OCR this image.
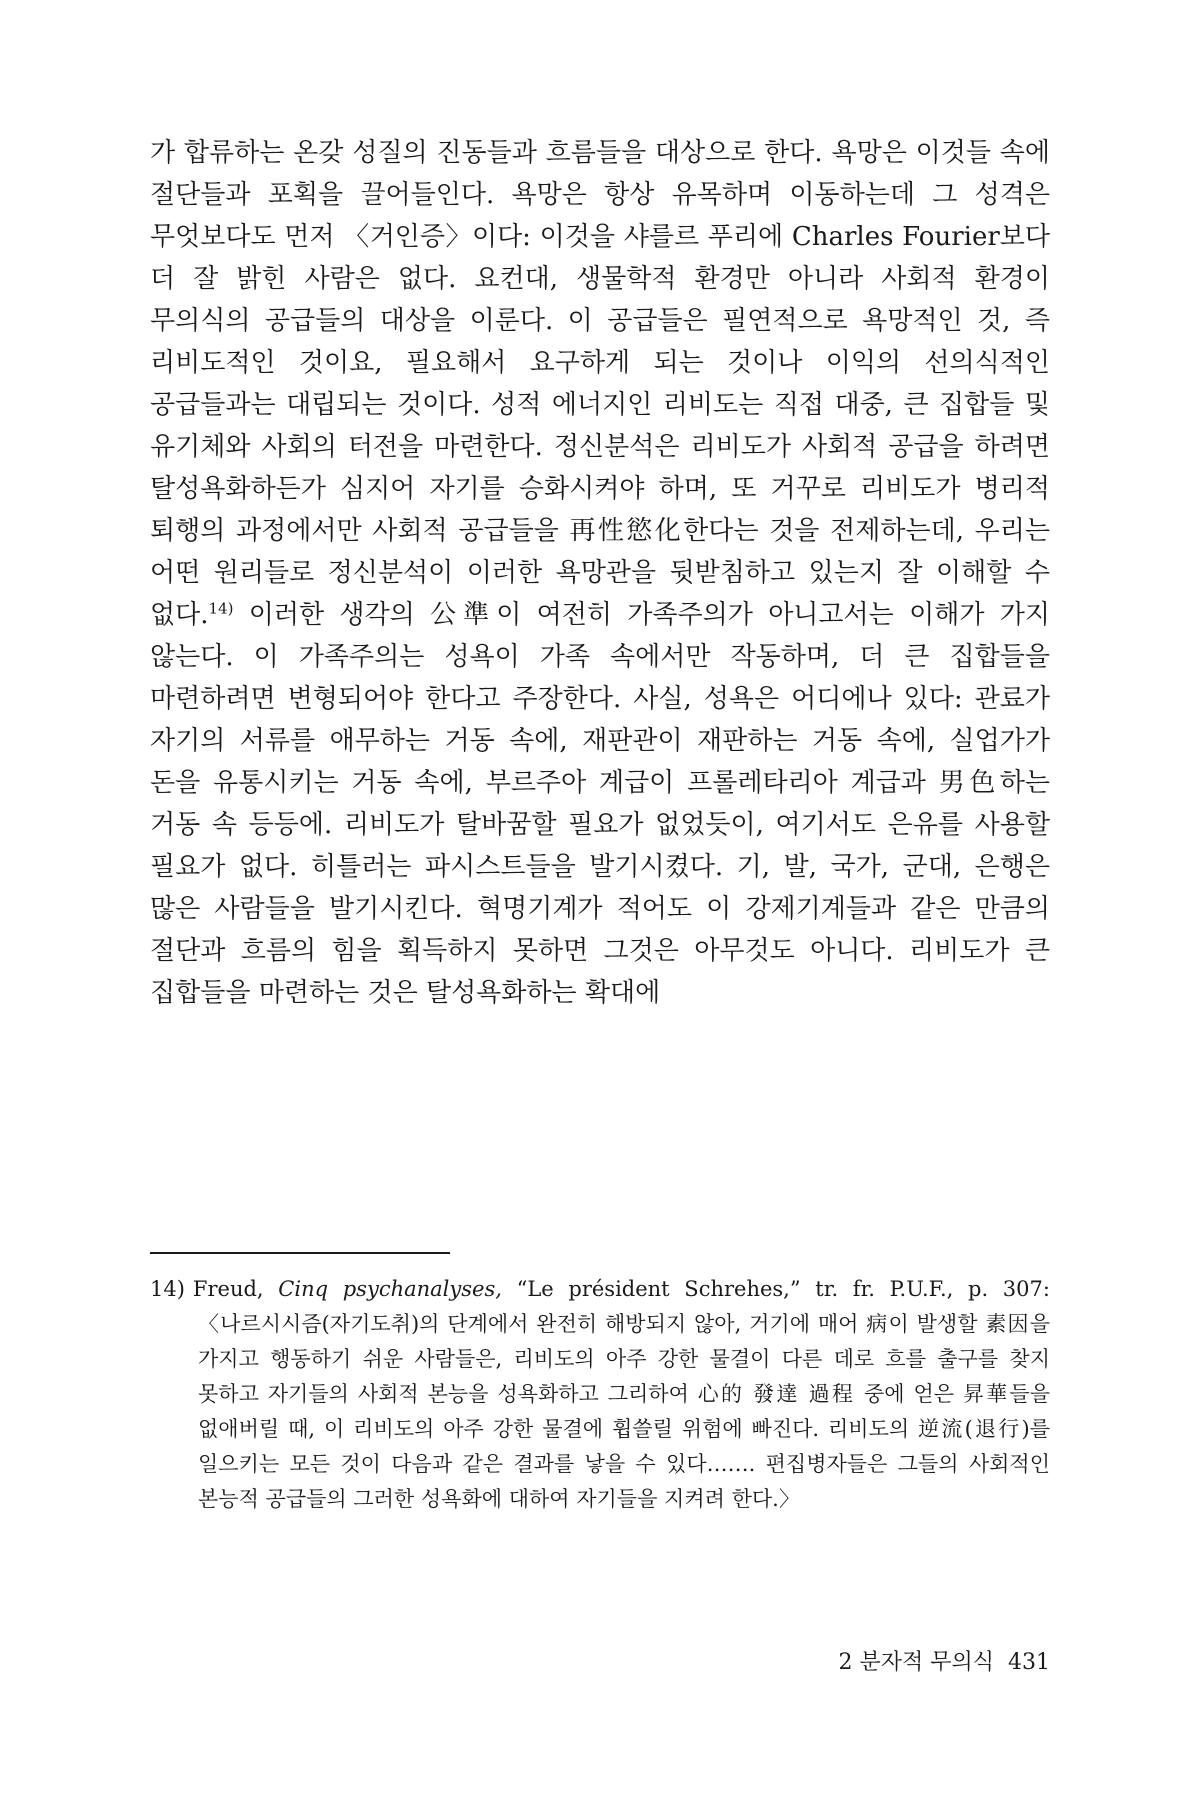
가 합류하는 온갖 성질의 진동들과 흐름들을 대상으로 한다. 욕망은 이것들 속에 절단들과 포획을 끌어들인다. 욕망은 항상 유목하며 이동하는데 그 성격은 무엇보다도 먼저 〈거인증〉이다: 이것을 샤를르 푸리에 Charles Fourier보다 더 잘 밝힌 사람은 없다. 요컨대, 생물학적 환경만 아니라 사회적 환경이 무의식의 공급들의 대상을 이룬다. 이 공급들은 필연적으로 욕망적인 것, 즉 리비도적인 것이요, 필요해서 요구하게 되는 것이나 이익의 선의식적인 공급들과는 대립되는 것이다. 성적 에너지인 리비도는 직접 대중, 큰 집합들 및 유기체와 사회의 터전을 마련한다. 정신분석은 리비도가 사회적 공급을 하려면 탈성욕화하든가 심지어 자기를 승화시켜야 하며, 또 거꾸로 리비도가 병리적 퇴행의 과정에서만 사회적 공급들을 再性慾化한다는 것을 전제하는데, 우리는 어떤 원리들로 정신분석이 이러한 욕망관을 뒷받침하고 있는지 잘 이해할 수 없다.$^{14)}$ 이러한 생각의 公準이 여전히 가족주의가 아니고서는 이해가 가지 않는다. 이 가족주의는 성욕이 가족 속에서만 작동하며, 더 큰 집합들을 마련하려면 변형되어야 한다고 주장한다. 사실, 성욕은 어디에나 있다: 관료가 자기의 서류를 애무하는 거동 속에, 재판관이 재판하는 거동 속에, 실업가가 돈을 유통시키는 거동 속에, 부르주아 계급이 프롤레타리아 계급과 男色하는 거동 속 등등에. 리비도가 탈바꿈할 필요가 없었듯이, 여기서도 은유를 사용할 필요가 없다. 히틀러는 파시스트들을 발기시켰다. 기, 발, 국가, 군대, 은행은 많은 사람들을 발기시킨다. 혁명기계가 적어도 이 강제기계들과 같은 만큼의 절단과 흐름의 힘을 획득하지 못하면 그것은 아무것도 아니다. 리비도가 큰 집합들을 마련하는 것은 탈성욕화하는 확대에

14) Freud, Cinq psychanalyses, “Le président Schrehes,” tr. fr. P.U.F., p. 307: 〈나르시시즘(자기도취)의 단계에서 완전히 해방되지 않아, 거기에 매어 病이 발생할 素因을 가지고 행동하기 쉬운 사람들은, 리비도의 아주 강한 물결이 다른 데로 흐를 출구를 찾지 못하고 자기들의 사회적 본능을 성욕화하고 그리하여 心的 發達 過程 중에 얻은 昇華들을 없애버릴 때, 이 리비도의 아주 강한 물결에 휩쓸릴 위험에 빠진다. 리비도의 逆流(退行)를 일으키는 모든 것이 다음과 같은 결과를 낳을 수 있다……. 편집병자들은 그들의 사회적인 본능적 공급들의 그러한 성욕화에 대하여 자기들을 지켜려 한다.〉

2 분자적 무의식 431
